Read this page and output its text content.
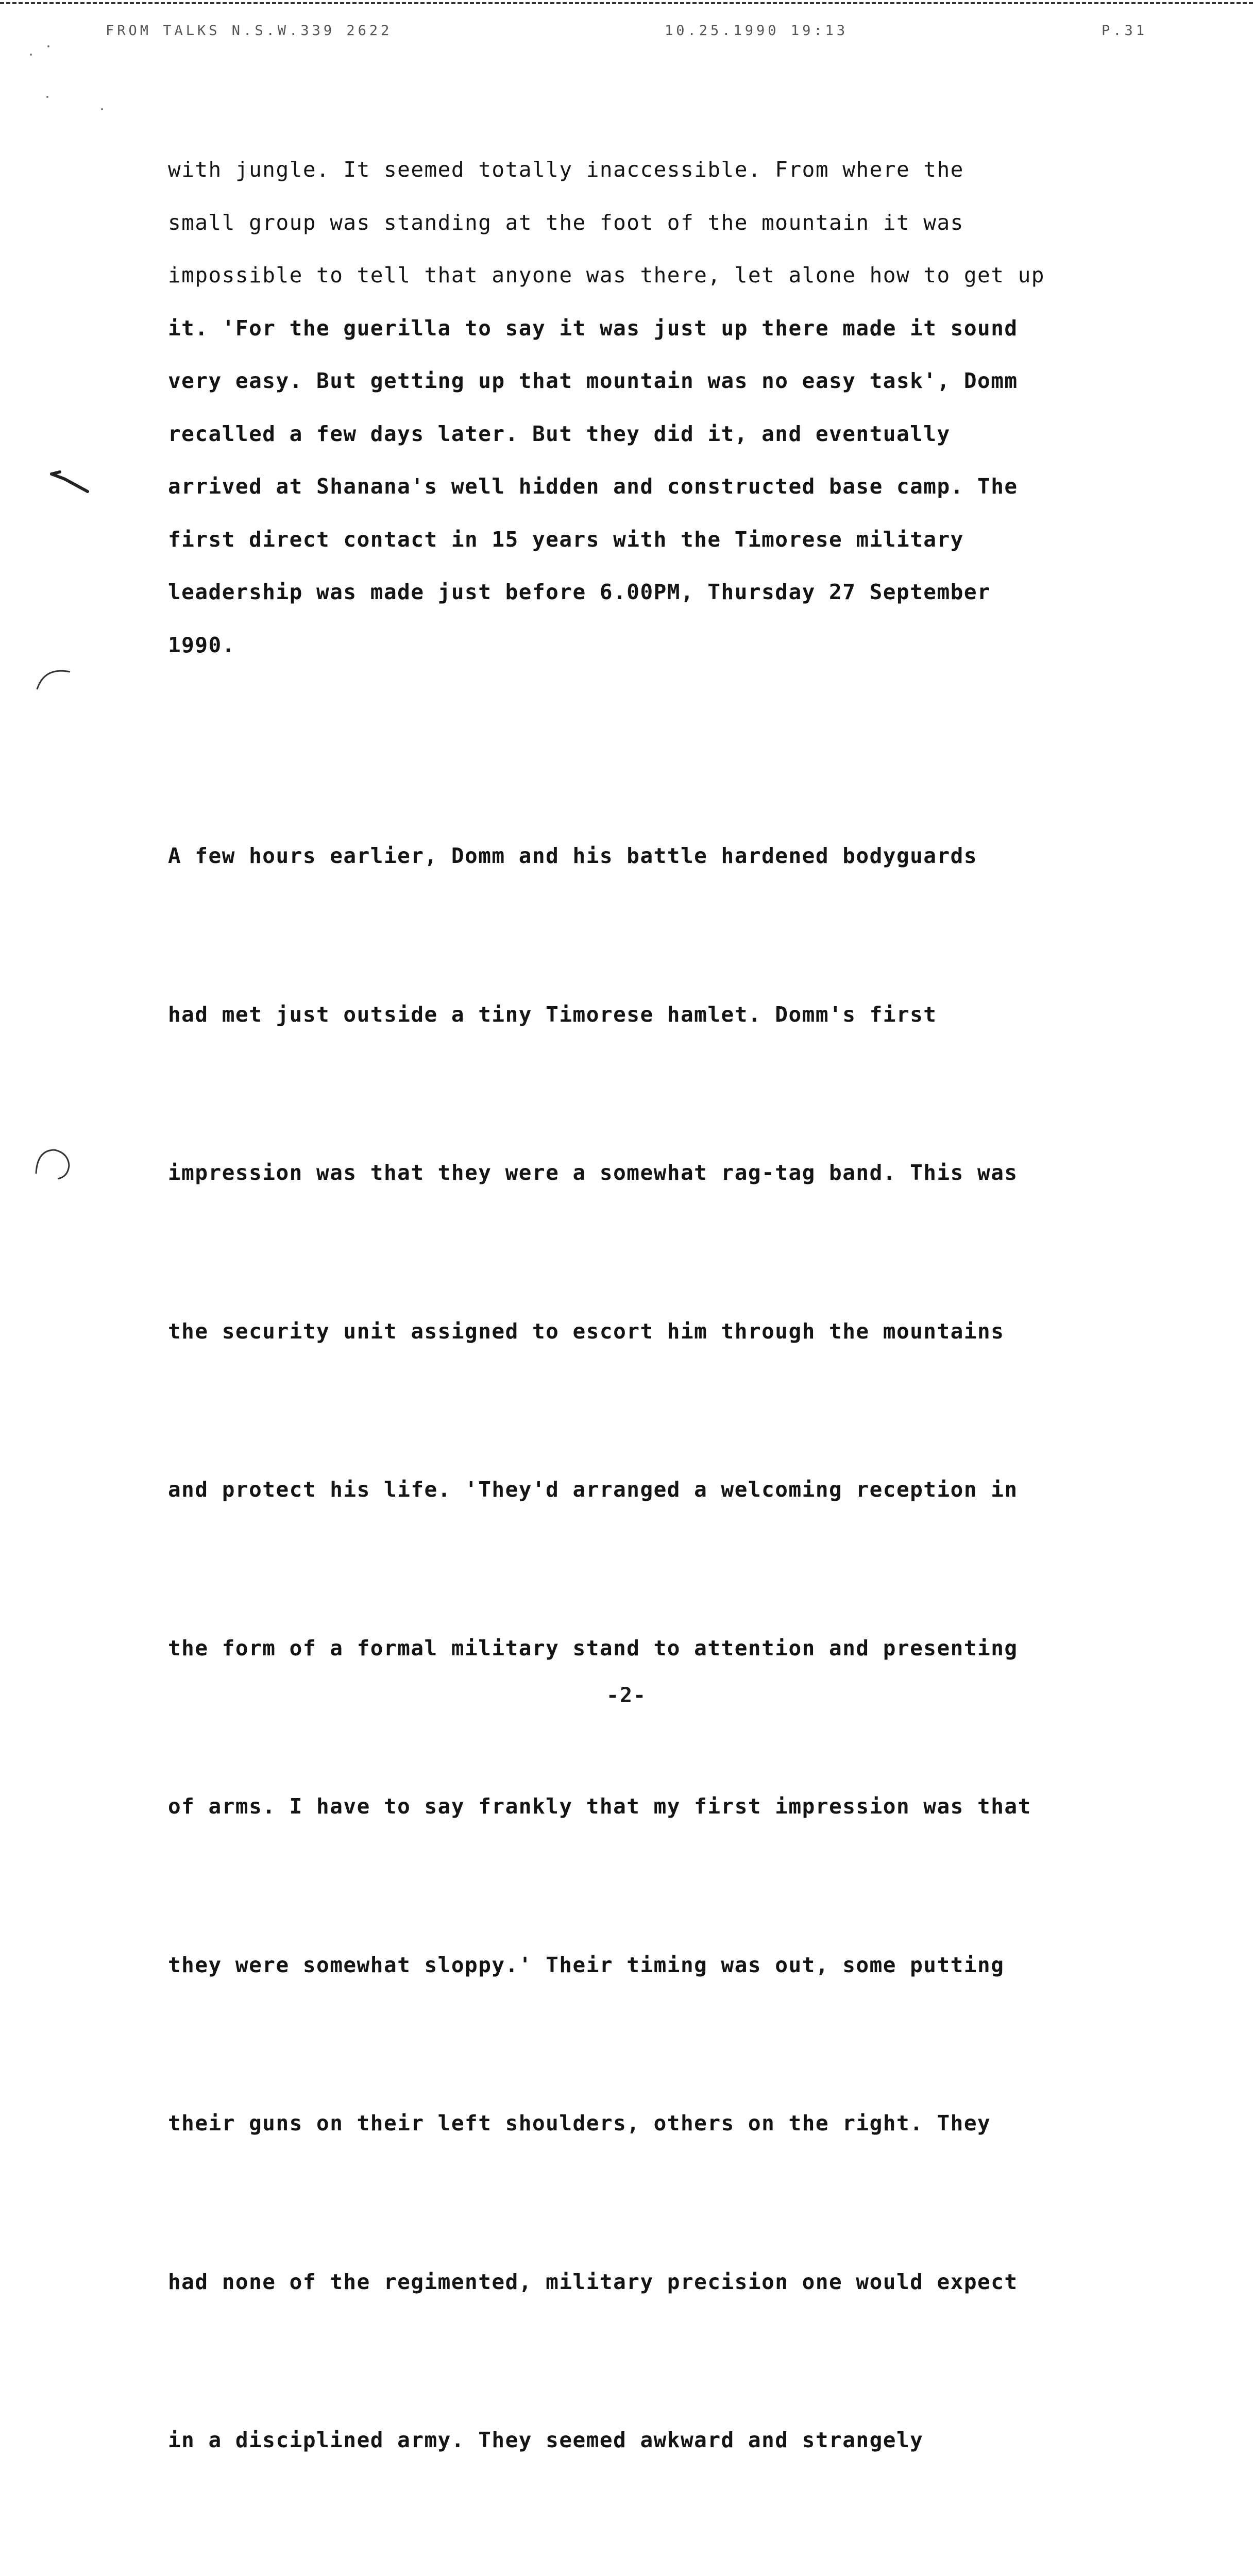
FROM TALKS N.S.W.339 2622	10.25.1990 19:13	P.31
with jungle. It seemed totally inaccessible. From where the
small group was standing at the foot of the mountain it was
impossible to tell that anyone was there, let alone how to get up
it. 'For the guerilla to say it was just up there made it sound
very easy. But getting up that mountain was no easy task', Domm
recalled a few days later. But they did it, and eventually
arrived at Shanana's well hidden and constructed base camp. The
first direct contact in 15 years with the Timorese military
leadership was made just before 6.00PM, Thursday 27 September
1990.

A few hours earlier, Domm and his battle hardened bodyguards

had met just outside a tiny Timorese hamlet. Domm's first

impression was that they were a somewhat rag-tag band. This was

the security unit assigned to escort him through the mountains

and protect his life. 'They'd arranged a welcoming reception in

the form of a formal military stand to attention and presenting

of arms. I have to say frankly that my first impression was that

they were somewhat sloppy.' Their timing was out, some putting

their guns on their left shoulders, others on the right. They

had none of the regimented, military precision one would expect

in a disciplined army. They seemed awkward and strangely

-2-
